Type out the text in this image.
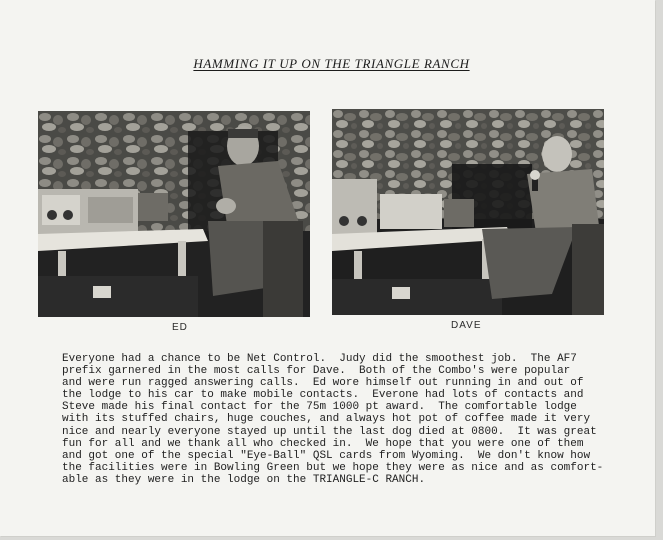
HAMMING IT UP ON THE TRIANGLE RANCH
ED	DAVE

Everyone had a chance to be Net Control.  Judy did the smoothest job.  The AF7
prefix garnered in the most calls for Dave.  Both of the Combo's were popular
and were run ragged answering calls.  Ed wore himself out running in and out of
the lodge to his car to make mobile contacts.  Everone had lots of contacts and
Steve made his final contact for the 75m 1000 pt award.  The comfortable lodge
with its stuffed chairs, huge couches, and always hot pot of coffee made it very
nice and nearly everyone stayed up until the last dog died at 0800.  It was great
fun for all and we thank all who checked in.  We hope that you were one of them
and got one of the special "Eye-Ball" QSL cards from Wyoming.  We don't know how
the facilities were in Bowling Green but we hope they were as nice and as comfort-
able as they were in the lodge on the TRIANGLE-C RANCH.
